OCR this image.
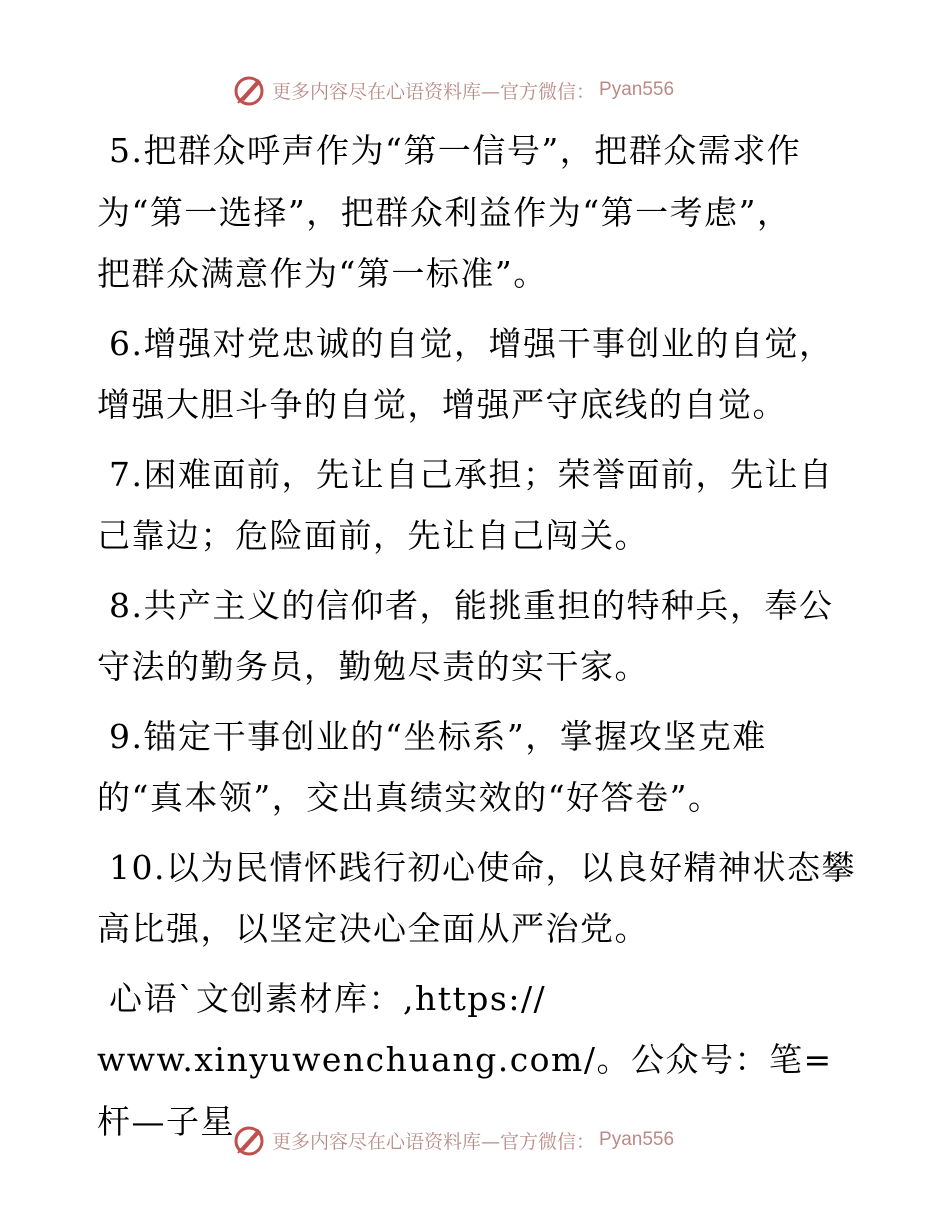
更多内容尽在心语资料库—官方微信： Pyan556

5.把群众呼声作为“第一信号”，把群众需求作
为“第一选择”，把群众利益作为“第一考虑”，
把群众满意作为“第一标准”。

6.增强对党忠诚的自觉，增强干事创业的自觉，
增强大胆斗争的自觉，增强严守底线的自觉。

7.困难面前，先让自己承担；荣誉面前，先让自
己靠边；危险面前，先让自己闯关。

8.共产主义的信仰者，能挑重担的特种兵，奉公
守法的勤务员，勤勉尽责的实干家。

9.锚定干事创业的“坐标系”，掌握攻坚克难
的“真本领”，交出真绩实效的“好答卷”。

10.以为民情怀践行初心使命，以良好精神状态攀
高比强，以坚定决心全面从严治党。

心语`文创素材库：,https://
www.xinyuwenchuang.com/。公众号：笔=杆—子星

更多内容尽在心语资料库—官方微信： Pyan556
